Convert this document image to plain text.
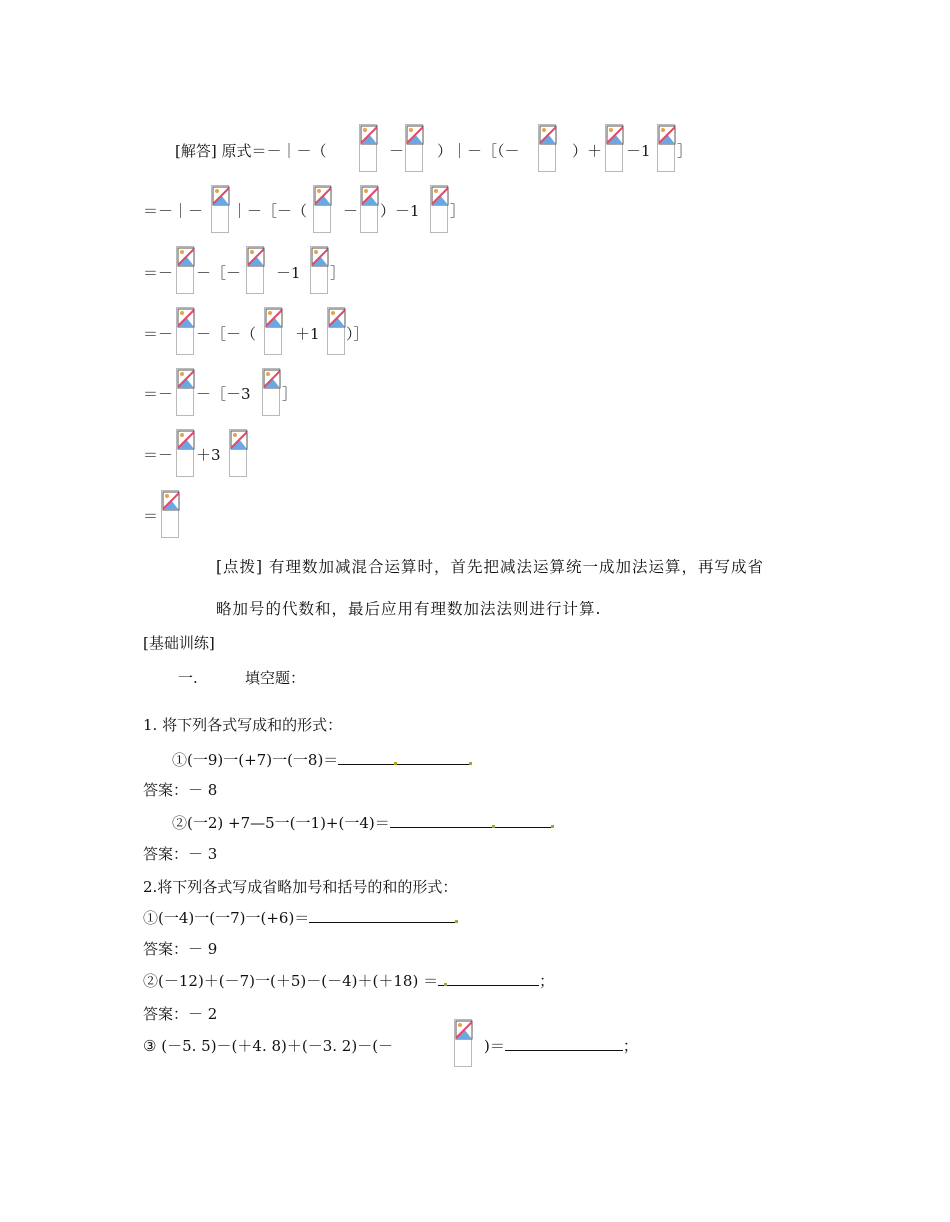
[解答] 原式＝－｜－（	－ ）｜－［（－	）＋ －1 ］
＝－｜－ ｜－［－（ － ）－1 ］
＝－ －［－ －1 ］
＝－ －［－（	＋1 ）］
＝－ －［－3 ］
＝－ ＋3
＝
[点拨] 有理数加减混合运算时，首先把减法运算统一成加法运算，再写成省
略加号的代数和，最后应用有理数加法法则进行计算.
[基础训练]
一.	填空题：
1. 将下列各式写成和的形式：
①(一9)一(+7)一(一8)＝
答案：－ 8
②(一2) +7—5一(一1)+(一4)＝
答案：－ 3
2.将下列各式写成省略加号和括号的和的形式：
①(一4)一(一7)一(+6)＝
答案：－ 9
②(－12)＋(－7)一(＋5)－(－4)＋(＋18) ＝	；
答案：－ 2
③ (－5. 5)－(＋4. 8)＋(－3. 2)－(－	)＝	；
